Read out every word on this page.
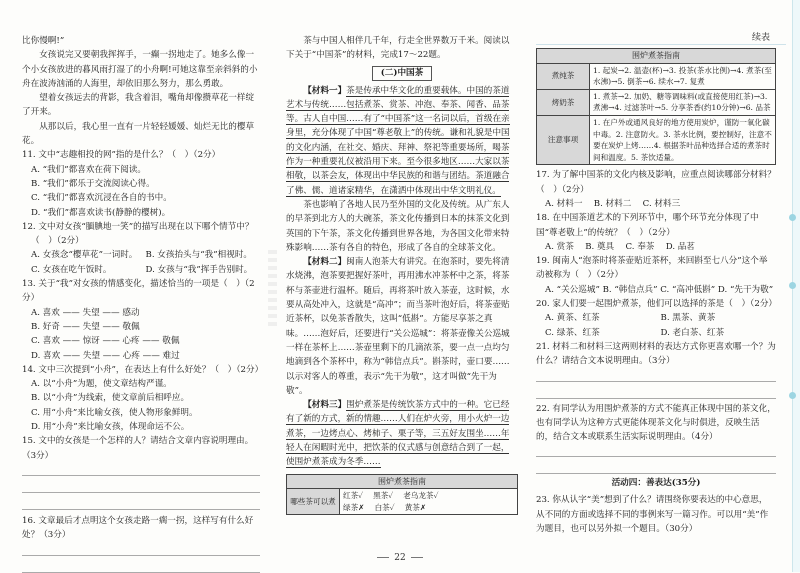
续表

比你慢啊!”

女孩说完又要朝我挥挥手，一癫一拐地走了。她多么像一个小女孩放进的暮风雨打湿了的小舟啊!可她这靠至亲斜斜的小舟在波涛汹涌的人海里，却依旧那么努力，那么勇敢。

望着女孩远去的背影，我含着泪，嘴角却像攒草花一样绽了开来。

从那以后，我心里一直有一片轻轻媛媛、灿烂无比的樱草花。

11. 文中“志趣相投的网”指的是什么？（　）（2分）

A. “我们”都喜欢在荷下阅读。

B. “我们”都乐于交流阅读心得。

C. “我们”都喜欢沉浸在各自的书中。

D. “我们”都喜欢读书(静静的樱树)。

12. 文中对女孩“腼腆地一笑”的描写出现在以下哪个情节中？

（　）（2分）

A. 女孩念“樱草花”一词时。 B. 女孩抬头与“我”相视时。
C. 女孩在吃午饭时。	D. 女孩与“我”挥手告别时。

13. 关于“我”对女孩的情感变化，描述恰当的一项是（　）（2分）

A. 喜欢 —— 失望 —— 感动

B. 好奇 —— 失望 —— 敬佩

C. 喜欢 —— 惊讶 —— 心疼 —— 敬佩

D. 喜欢 —— 失望 —— 心疼 —— 难过

14. 文中三次提到“小舟”，在表达上有什么好处？（　）（2分）

A. 以“小舟”为题，使文章结构严谨。

B. 以“小舟”为线索，使文章前后相呼应。

C. 用“小舟”来比喻女孩，使人物形象鲜明。

D. 用“小舟”来比喻女孩，体现命运不公。

15. 文中的女孩是一个怎样的人？请结合文章内容说明理由。（3分）

16. 文章最后才点明这个女孩走路一瘸一拐，这样写有什么好处？（3分）

茶与中国人相伴几千年，行走全世界数万千米。阅读以下关于“中国茶”的材料，完成17～22题。

(二)中国茶

【材料一】茶是传承中华文化的重要载体。中国的茶道艺术与传统……包括煮茶、赏茶、冲泡、奉茶、闻香、品茶等。古人自中国……有了“中国茶”这一名词以后，首级在亲身里，充分体现了中国“尊老敬上”的传统。谦和礼貌是中国的文化内涵，在社交、婚庆、拜神、祭祀等重要场所，喝茶作为一种重要礼仪被沿用下来。至今很多地区……大家以茶相敬，以茶会友，体现出中华民族的和谐与团结。茶道融合了佛、儒、道诸家精华，在潇洒中体现出中华文明礼仪。

茶也影响了各地人民乃至外国的文化及传统。从广东人的早茶到北方人的大碗茶，茶文化传播到日本的抹茶文化到英国的下午茶，茶文化传播到世界各地，为各国文化带来特殊影响……茶有各自的特色，形成了各自的全球茶文化。

【材料二】闽南人泡茶大有讲究。在泡茶时，要先将清水烧沸，泡茶要把握好茶叶，再用沸水冲茶杯中之茶，将茶杯与茶壶进行温杯。随后，再将茶叶放入茶壶，这时候，水要从高处冲入，这就是“高冲”；而当茶叶泡好后，将茶壶贴近茶杯，以免茶香散失，这叫“低斟”。方能尽享茶之真味。……泡好后，还要进行“关公巡城”：将茶壶像关公巡城一样在茶杯上……茶壶里剩下的几滴浓茶，要一点一点均匀地滴到各个茶杯中，称为“韩信点兵”。斟茶时，壶口要……以示对客人的尊重，表示“先干为敬”，这才叫做“先干为敬”。

【材料三】围炉煮茶是传统饮茶方式中的一种。它已经有了新的方式，新的情趣……人们在炉火旁，用小火炉一边煮茶，一边烤点心、烤柿子、栗子等，三五好友围坐……年轻人在闲暇时光中，把饮茶的仪式感与创意结合到了一起，使围炉煮茶成为冬季……

围炉煮茶指南
哪些茶可以煮	红茶✓　 黑茶✓　 老乌龙茶✓
绿茶✗　 白茶✓　 黄茶✗
围炉煮茶指南	
煮纯茶	1. 起炭→2. 温壶(杯)→3. 投茶(茶水比例)→4. 煮茶(至水沸)→5. 倒茶→6. 续水→7. 复煮
烤奶茶	1. 煮茶→2. 加奶、糖等调味料(或直接使用红茶)→3. 煮沸→4. 过滤茶叶→5. 分享茶香(约10分钟)→6. 品茶
注意事项	1. 在户外或通风良好的地方使用炭炉，谨防一氧化碳中毒。2. 注意防火。3. 茶水比例，要控制好，注意不要在炭炉上烤……4. 根据茶叶品种选择合适的煮茶时间和温度。5. 茶饮适量。

17. 为了解中国茶的文化内核及影响，应重点阅读哪部分材料？（　）（2分）

A. 材料一　 B. 材料二　 C. 材料三

18. 在中国茶道艺术的下列环节中，哪个环节充分体现了中国“尊老敬上”的传统？（　）（2分）

A. 赏茶　 B. 奠具　 C. 奉茶　 D. 品茗

19. 闽南人“泡茶时将茶壶贴近茶杯，来回斟至七八分”这个举动被称为（　）（2分）

A. “关公巡城” B. “韩信点兵” C. “高冲低斟” D. “先干为敬”

20. 家人们要一起围炉煮茶，他们可以选择的茶是（　）（2分）

A. 黄茶、红茶	B. 黑茶、黄茶
C. 绿茶、红茶	D. 老白茶、红茶

21. 材料二和材料三这两则材料的表达方式你更喜欢哪一个？为什么？请结合文本说明理由。（3分）

22. 有同学认为用围炉煮茶的方式不能真正体现中国的茶文化，也有同学认为这种方式更能体现茶文化与时俱进，反映生活的，结合文本或联系生活实际说明理由。（4分）

活动四：善表达(35分)

23. 你从认字“美”想到了什么？请围绕你要表达的中心意思，从不同的方面或选择不同的事例来写一篇习作。可以用“美”作为题目，也可以另外拟一个题目。（30分）

22
